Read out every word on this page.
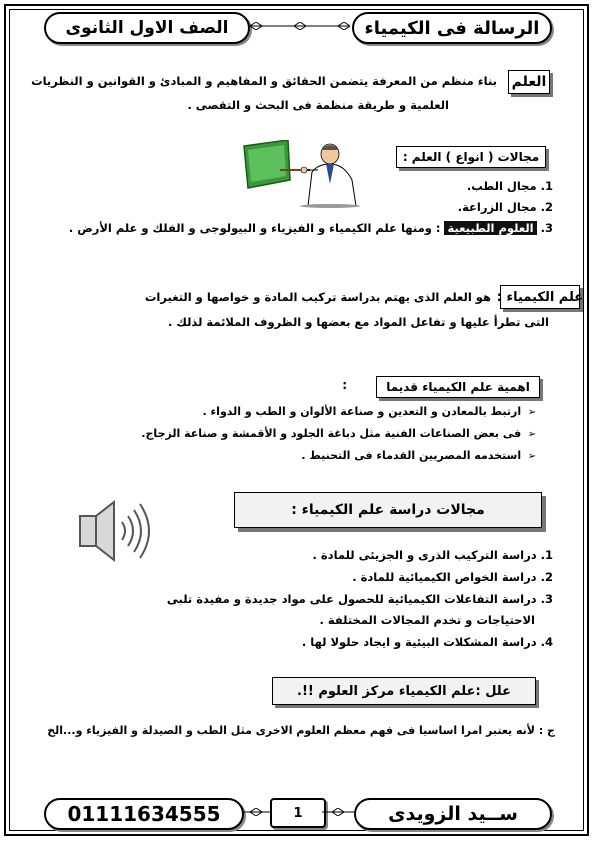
الصف الاول الثانوى	الرسالة فى الكيمياء
العلم
بناء منظم من المعرفة يتضمن الحقائق و المفاهيم و المبادئ و القوانين و النظريات
العلمية و طريقة منظمة فى البحث و التقصى .
مجالات ( انواع ) العلم :
1. مجال الطب.
2. مجال الزراعة.
3. العلوم الطبيعية : ومنها علم الكيمياء و الفيزياء و البيولوجى و الفلك و علم الأرض .
علم الكيمياء :
هو العلم الذى يهتم بدراسة تركيب المادة و خواصها و التغيرات
التى تطرأ عليها و تفاعل المواد مع بعضها و الظروف الملائمة لذلك .
اهمية علم الكيمياء قديما
:
➢ ارتبط بالمعادن و التعدين و صناعة الألوان و الطب و الدواء .
➢ فى بعض الصناعات الفنية مثل دباغة الجلود و الأقمشة و صناعة الزجاج.
➢ استخدمه المصريين القدماء فى التحنيط .
مجالات دراسة علم الكيمياء :
1. دراسة التركيب الذرى و الجزيئى للمادة .
2. دراسة الخواص الكيميائية للمادة .
3. دراسة التفاعلات الكيميائية للحصول على مواد جديدة و مفيدة تلبى
الاحتياجات و تخدم المجالات المختلفة .
4. دراسة المشكلات البيئية و ايجاد حلولا لها .
علل :علم الكيمياء مركز العلوم !!.
ج : لأنه يعتبر امرا اساسيا فى فهم معظم العلوم الاخرى مثل الطب و الصيدلة و الفيزياء و...الخ
01111634555	1	ســيد الزويدى
